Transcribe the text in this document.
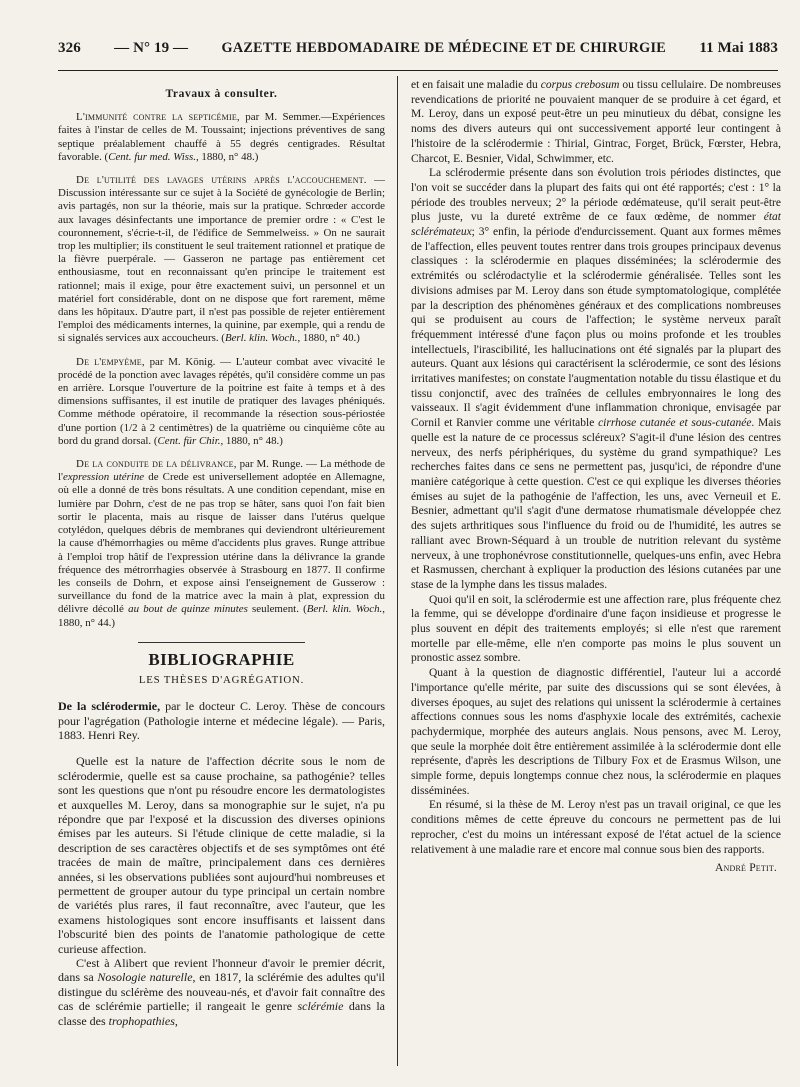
326 — N° 19 — GAZETTE HEBDOMADAIRE DE MÉDECINE ET DE CHIRURGIE 11 Mai 1883
Travaux à consulter.

L'immunité contre la septicémie, par M. Semmer.—Expériences faites à l'instar de celles de M. Toussaint; injections préventives de sang septique préalablement chauffé à 55 degrés centigrades. Résultat favorable. (Cent. fur med. Wiss., 1880, n° 48.)

De l'utilité des lavages utérins après l'accouchement. — Discussion intéressante sur ce sujet à la Société de gynécologie de Berlin; avis partagés, non sur la théorie, mais sur la pratique. Schrœder accorde aux lavages désinfectants une importance de premier ordre : « C'est le couronnement, s'écrie-t-il, de l'édifice de Semmelweiss. » On ne saurait trop les multiplier; ils constituent le seul traitement rationnel et pratique de la fièvre puerpérale. — Gasseron ne partage pas entièrement cet enthousiasme, tout en reconnaissant qu'en principe le traitement est rationnel; mais il exige, pour être exactement suivi, un personnel et un matériel fort considérable, dont on ne dispose que fort rarement, même dans les hôpitaux. D'autre part, il n'est pas possible de rejeter entièrement l'emploi des médicaments internes, la quinine, par exemple, qui a rendu de si signalés services aux accoucheurs. (Berl. klin. Woch., 1880, n° 40.)

De l'empyème, par M. König. — L'auteur combat avec vivacité le procédé de la ponction avec lavages répétés, qu'il considère comme un pas en arrière. Lorsque l'ouverture de la poitrine est faite à temps et à des dimensions suffisantes, il est inutile de pratiquer des lavages phéniqués. Comme méthode opératoire, il recommande la résection sous-périostée d'une portion (1/2 à 2 centimètres) de la quatrième ou cinquième côte au bord du grand dorsal. (Cent. für Chir., 1880, n° 48.)

De la conduite de la délivrance, par M. Runge. — La méthode de l'expression utérine de Crede est universellement adoptée en Allemagne, où elle a donné de très bons résultats. A une condition cependant, mise en lumière par Dohrn, c'est de ne pas trop se hâter, sans quoi l'on fait bien sortir le placenta, mais au risque de laisser dans l'utérus quelque cotylédon, quelques débris de membranes qui deviendront ultérieurement la cause d'hémorrhagies ou même d'accidents plus graves. Runge attribue à l'emploi trop hâtif de l'expression utérine dans la délivrance la grande fréquence des métrorrhagies observée à Strasbourg en 1877. Il confirme les conseils de Dohrn, et expose ainsi l'enseignement de Gusserow : surveillance du fond de la matrice avec la main à plat, expression du délivre décollé au bout de quinze minutes seulement. (Berl. klin. Woch., 1880, n° 44.)

BIBLIOGRAPHIE
LES THÈSES D'AGRÉGATION.

De la sclérodermie, par le docteur C. Leroy. Thèse de concours pour l'agrégation (Pathologie interne et médecine légale). — Paris, 1883. Henri Rey.

Quelle est la nature de l'affection décrite sous le nom de sclérodermie, quelle est sa cause prochaine, sa pathogénie? telles sont les questions que n'ont pu résoudre encore les dermatologistes et auxquelles M. Leroy, dans sa monographie sur le sujet, n'a pu répondre que par l'exposé et la discussion des diverses opinions émises par les auteurs. Si l'étude clinique de cette maladie, si la description de ses caractères objectifs et de ses symptômes ont été tracées de main de maître, principalement dans ces dernières années, si les observations publiées sont aujourd'hui nombreuses et permettent de grouper autour du type principal un certain nombre de variétés plus rares, il faut reconnaître, avec l'auteur, que les examens histologiques sont encore insuffisants et laissent dans l'obscurité bien des points de l'anatomie pathologique de cette curieuse affection.

C'est à Alibert que revient l'honneur d'avoir le premier décrit, dans sa Nosologie naturelle, en 1817, la sclérémie des adultes qu'il distingue du sclérème des nouveau-nés, et d'avoir fait connaître des cas de sclérémie partielle; il rangeait le genre sclérémie dans la classe des trophopathies,

et en faisait une maladie du corpus crebosum ou tissu cellulaire. De nombreuses revendications de priorité ne pouvaient manquer de se produire à cet égard, et M. Leroy, dans un exposé peut-être un peu minutieux du débat, consigne les noms des divers auteurs qui ont successivement apporté leur contingent à l'histoire de la sclérodermie : Thirial, Gintrac, Forget, Brück, Fœrster, Hebra, Charcot, E. Besnier, Vidal, Schwimmer, etc.

La sclérodermie présente dans son évolution trois périodes distinctes, que l'on voit se succéder dans la plupart des faits qui ont été rapportés; c'est : 1° la période des troubles nerveux; 2° la période œdémateuse, qu'il serait peut-être plus juste, vu la dureté extrême de ce faux œdème, de nommer état sclérémateux; 3° enfin, la période d'endurcissement. Quant aux formes mêmes de l'affection, elles peuvent toutes rentrer dans trois groupes principaux devenus classiques : la sclérodermie en plaques disséminées; la sclérodermie des extrémités ou sclérodactylie et la sclérodermie généralisée. Telles sont les divisions admises par M. Leroy dans son étude symptomatologique, complétée par la description des phénomènes généraux et des complications nombreuses qui se produisent au cours de l'affection; le système nerveux paraît fréquemment intéressé d'une façon plus ou moins profonde et les troubles intellectuels, l'irascibilité, les hallucinations ont été signalés par la plupart des auteurs. Quant aux lésions qui caractérisent la sclérodermie, ce sont des lésions irritatives manifestes; on constate l'augmentation notable du tissu élastique et du tissu conjonctif, avec des traînées de cellules embryonnaires le long des vaisseaux. Il s'agit évidemment d'une inflammation chronique, envisagée par Cornil et Ranvier comme une véritable cirrhose cutanée et sous-cutanée. Mais quelle est la nature de ce processus scléreux? S'agit-il d'une lésion des centres nerveux, des nerfs périphériques, du système du grand sympathique? Les recherches faites dans ce sens ne permettent pas, jusqu'ici, de répondre d'une manière catégorique à cette question. C'est ce qui explique les diverses théories émises au sujet de la pathogénie de l'affection, les uns, avec Verneuil et E. Besnier, admettant qu'il s'agit d'une dermatose rhumatismale développée chez des sujets arthritiques sous l'influence du froid ou de l'humidité, les autres se ralliant avec Brown-Séquard à un trouble de nutrition relevant du système nerveux, à une trophonévrose constitutionnelle, quelques-uns enfin, avec Hebra et Rasmussen, cherchant à expliquer la production des lésions cutanées par une stase de la lymphe dans les tissus malades.

Quoi qu'il en soit, la sclérodermie est une affection rare, plus fréquente chez la femme, qui se développe d'ordinaire d'une façon insidieuse et progresse le plus souvent en dépit des traitements employés; si elle n'est que rarement mortelle par elle-même, elle n'en comporte pas moins le plus souvent un pronostic assez sombre.

Quant à la question de diagnostic différentiel, l'auteur lui a accordé l'importance qu'elle mérite, par suite des discussions qui se sont élevées, à diverses époques, au sujet des relations qui unissent la sclérodermie à certaines affections connues sous les noms d'asphyxie locale des extrémités, cachexie pachydermique, morphée des auteurs anglais. Nous pensons, avec M. Leroy, que seule la morphée doit être entièrement assimilée à la sclérodermie dont elle représente, d'après les descriptions de Tilbury Fox et de Erasmus Wilson, une simple forme, depuis longtemps connue chez nous, la sclérodermie en plaques disséminées.

En résumé, si la thèse de M. Leroy n'est pas un travail original, ce que les conditions mêmes de cette épreuve du concours ne permettent pas de lui reprocher, c'est du moins un intéressant exposé de l'état actuel de la science relativement à une maladie rare et encore mal connue sous bien des rapports.

André Petit.
